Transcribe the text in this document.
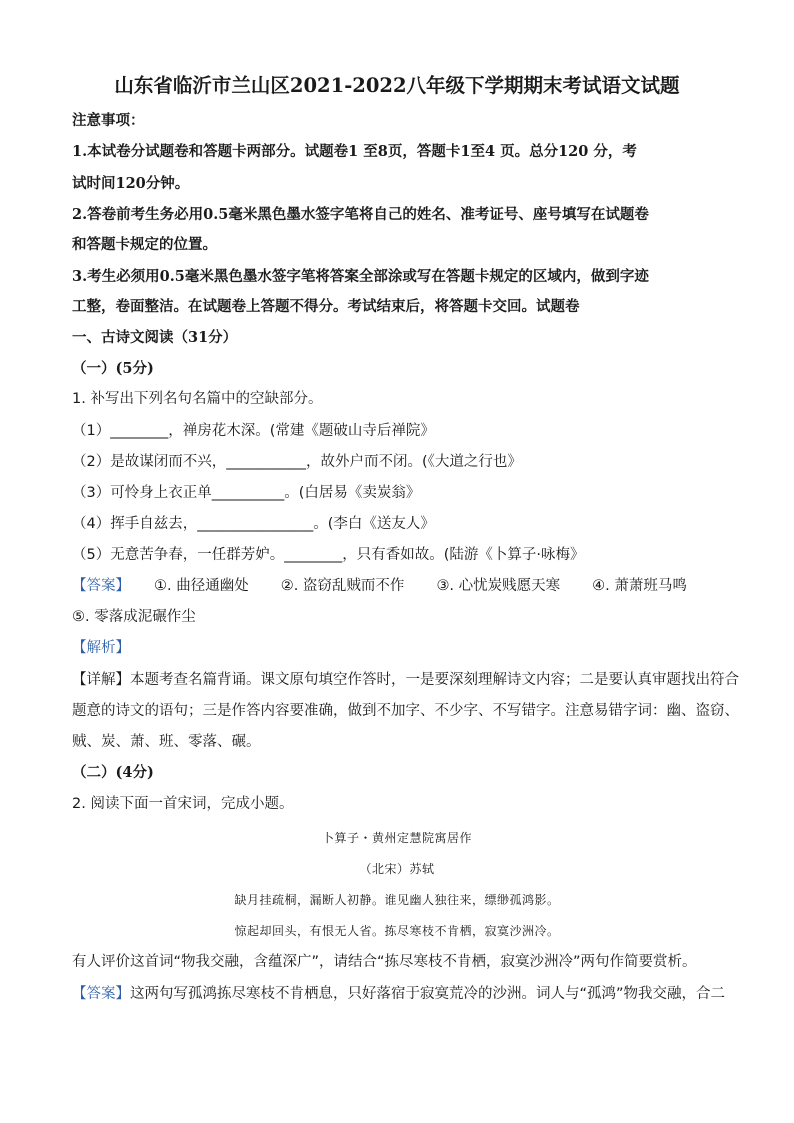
山东省临沂市兰山区2021-2022八年级下学期期末考试语文试题
注意事项：
1.本试卷分试题卷和答题卡两部分。试题卷1 至8页，答题卡1至4 页。总分120 分，考
试时间120分钟。
2.答卷前考生务必用0.5毫米黑色墨水签字笔将自己的姓名、准考证号、座号填写在试题卷
和答题卡规定的位置。
3.考生必须用0.5毫米黑色墨水签字笔将答案全部涂或写在答题卡规定的区域内，做到字迹
工整，卷面整洁。在试题卷上答题不得分。考试结束后，将答题卡交回。试题卷
一、古诗文阅读（31分）
（一）(5分)
1. 补写出下列名句名篇中的空缺部分。
（1）________，禅房花木深。(常建《题破山寺后禅院》
（2）是故谋闭而不兴，___________，故外户而不闭。(《大道之行也》
（3）可怜身上衣正单__________。(白居易《卖炭翁》
（4）挥手自兹去，________________。(李白《送友人》
（5）无意苦争春，一任群芳妒。________，只有香如故。(陆游《卜算子·咏梅》
【答案】 ①. 曲径通幽处 ②. 盗窃乱贼而不作 ③. 心忧炭贱愿天寒 ④. 萧萧班马鸣
⑤. 零落成泥碾作尘
【解析】
【详解】本题考查名篇背诵。课文原句填空作答时，一是要深刻理解诗文内容；二是要认真审题找出符合
题意的诗文的语句；三是作答内容要准确，做到不加字、不少字、不写错字。注意易错字词：幽、盗窃、
贼、炭、萧、班、零落、碾。
（二）(4分)
2. 阅读下面一首宋词，完成小题。
卜算子・黄州定慧院寓居作
（北宋）苏轼
缺月挂疏桐，漏断人初静。谁见幽人独往来，缥缈孤鸿影。
惊起却回头，有恨无人省。拣尽寒枝不肯栖，寂寞沙洲冷。
有人评价这首词“物我交融，含蕴深广”，请结合“拣尽寒枝不肯栖，寂寞沙洲冷”两句作简要赏析。
【答案】这两句写孤鸿拣尽寒枝不肯栖息，只好落宿于寂寞荒冷的沙洲。词人与“孤鸿”物我交融，合二
